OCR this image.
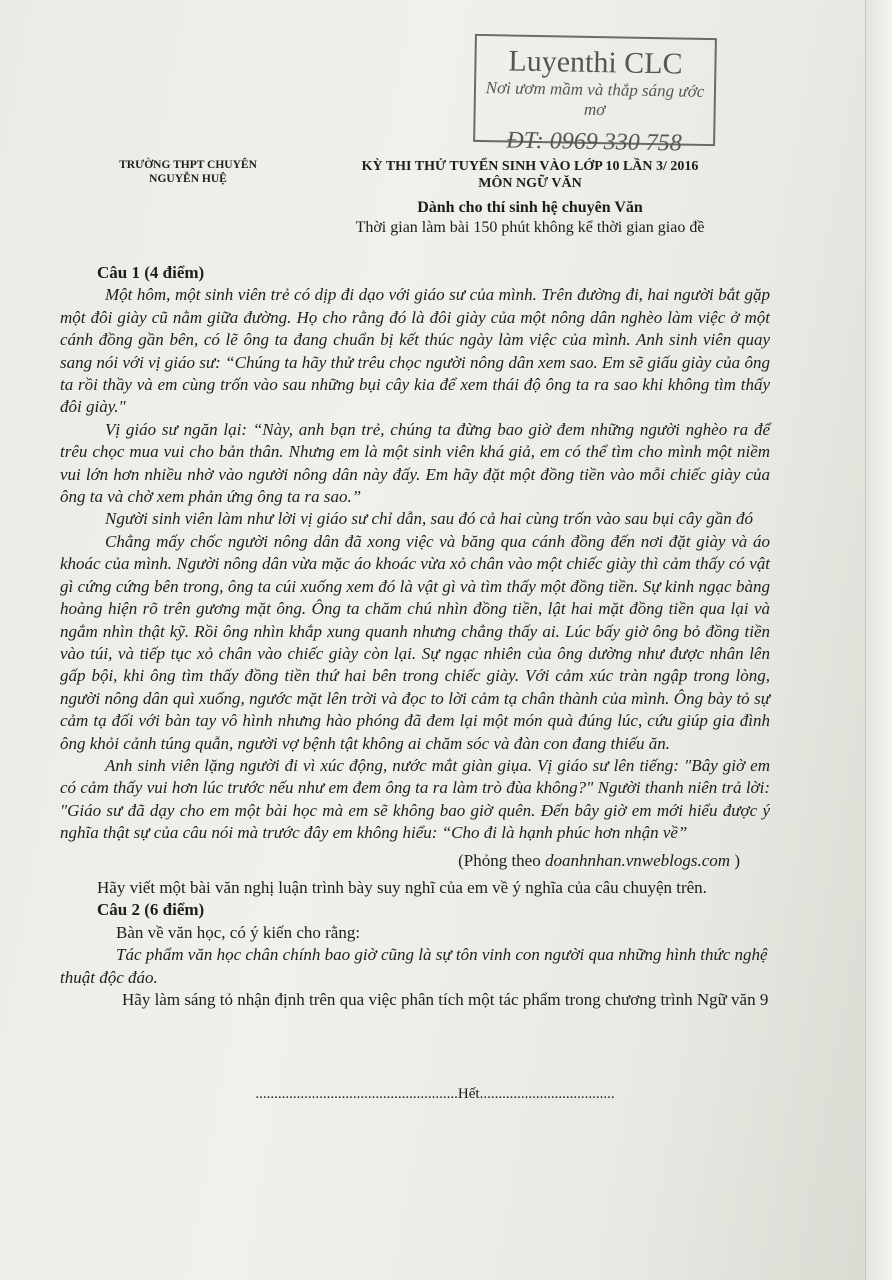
Luyenthi CLC
Nơi ươm mầm và thắp sáng ước mơ
ĐT: 0969 330 758
TRƯỜNG THPT CHUYÊN
NGUYỄN HUỆ
KỲ THI THỬ TUYỂN SINH VÀO LỚP 10 LẦN 3/ 2016
MÔN NGỮ VĂN
Dành cho thí sinh hệ chuyên Văn
Thời gian làm bài 150 phút không kể thời gian giao đề
Câu 1 (4 điểm)

Một hôm, một sinh viên trẻ có dịp đi dạo với giáo sư của mình. Trên đường đi, hai người bắt gặp một đôi giày cũ nằm giữa đường. Họ cho rằng đó là đôi giày của một nông dân nghèo làm việc ở một cánh đồng gần bên, có lẽ ông ta đang chuẩn bị kết thúc ngày làm việc của mình. Anh sinh viên quay sang nói với vị giáo sư: “Chúng ta hãy thử trêu chọc người nông dân xem sao. Em sẽ giấu giày của ông ta rồi thầy và em cùng trốn vào sau những bụi cây kia để xem thái độ ông ta ra sao khi không tìm thấy đôi giày."

Vị giáo sư ngăn lại: “Này, anh bạn trẻ, chúng ta đừng bao giờ đem những người nghèo ra để trêu chọc mua vui cho bản thân. Nhưng em là một sinh viên khá giả, em có thể tìm cho mình một niềm vui lớn hơn nhiều nhờ vào người nông dân này đấy. Em hãy đặt một đồng tiền vào mỗi chiếc giày của ông ta và chờ xem phản ứng ông ta ra sao.”

Người sinh viên làm như lời vị giáo sư chỉ dẫn, sau đó cả hai cùng trốn vào sau bụi cây gần đó

Chẳng mấy chốc người nông dân đã xong việc và băng qua cánh đồng đến nơi đặt giày và áo khoác của mình. Người nông dân vừa mặc áo khoác vừa xỏ chân vào một chiếc giày thì cảm thấy có vật gì cứng cứng bên trong, ông ta cúi xuống xem đó là vật gì và tìm thấy một đồng tiền. Sự kinh ngạc bàng hoàng hiện rõ trên gương mặt ông. Ông ta chăm chú nhìn đồng tiền, lật hai mặt đồng tiền qua lại và ngắm nhìn thật kỹ. Rồi ông nhìn khắp xung quanh nhưng chẳng thấy ai. Lúc bấy giờ ông bỏ đồng tiền vào túi, và tiếp tục xỏ chân vào chiếc giày còn lại. Sự ngạc nhiên của ông dường như được nhân lên gấp bội, khi ông tìm thấy đồng tiền thứ hai bên trong chiếc giày. Với cảm xúc tràn ngập trong lòng, người nông dân quì xuống, ngước mặt lên trời và đọc to lời cảm tạ chân thành của mình. Ông bày tỏ sự cảm tạ đối với bàn tay vô hình nhưng hào phóng đã đem lại một món quà đúng lúc, cứu giúp gia đình ông khỏi cảnh túng quẫn, người vợ bệnh tật không ai chăm sóc và đàn con đang thiếu ăn.

Anh sinh viên lặng người đi vì xúc động, nước mắt giàn giụa. Vị giáo sư lên tiếng: "Bây giờ em có cảm thấy vui hơn lúc trước nếu như em đem ông ta ra làm trò đùa không?" Người thanh niên trả lời: "Giáo sư đã dạy cho em một bài học mà em sẽ không bao giờ quên. Đến bây giờ em mới hiểu được ý nghĩa thật sự của câu nói mà trước đây em không hiểu: “Cho đi là hạnh phúc hơn nhận về”

(Phỏng theo doanhnhan.vnweblogs.com )
Hãy viết một bài văn nghị luận trình bày suy nghĩ của em về ý nghĩa của câu chuyện trên.
Câu 2 (6 điểm)

Bàn về văn học, có ý kiến cho rằng:

Tác phẩm văn học chân chính bao giờ cũng là sự tôn vinh con người qua những hình thức nghệ thuật độc đáo.

Hãy làm sáng tỏ nhận định trên qua việc phân tích một tác phẩm trong chương trình Ngữ văn 9

......................................................Hết....................................
